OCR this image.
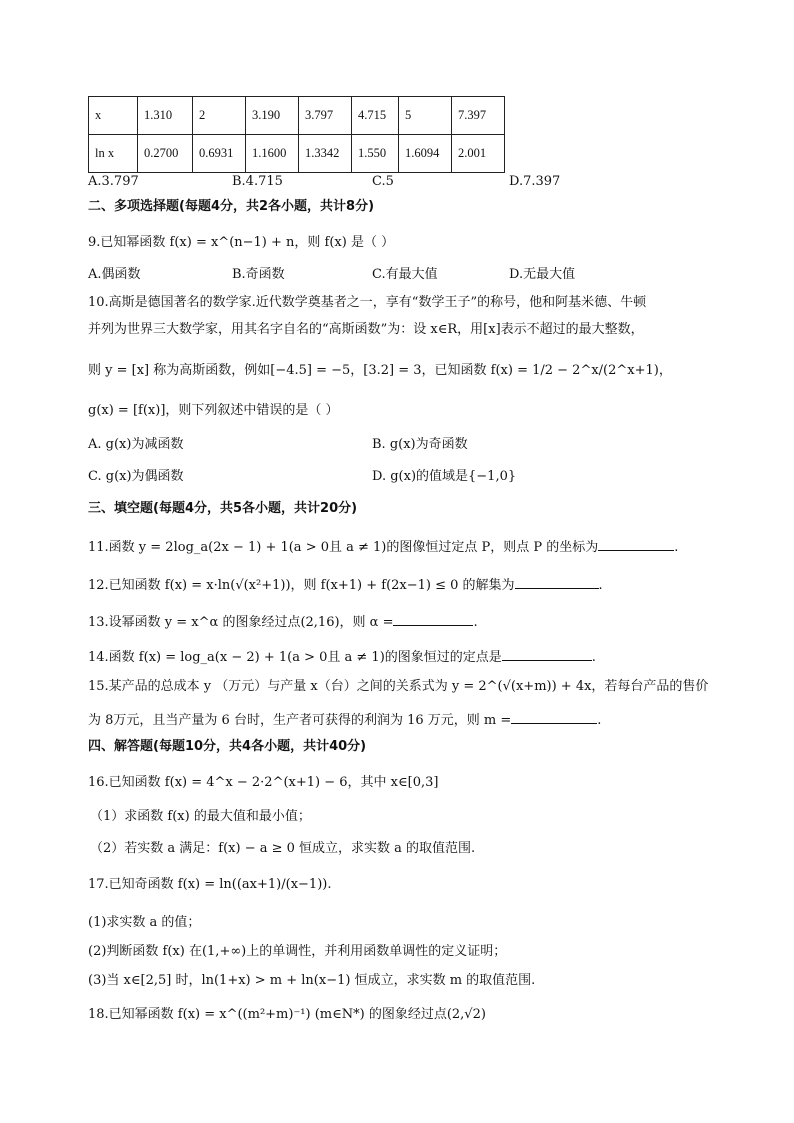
x	1.310	2	3.190	3.797	4.715	5	7.397
ln x	0.2700	0.6931	1.1600	1.3342	1.550	1.6094	2.001
A.3.797	B.4.715	C.5	D.7.397
二、多项选择题(每题4分，共2各小题，共计8分)
9.已知幂函数 f(x) = x^(n−1) + n，则 f(x) 是（ ）
A.偶函数	B.奇函数	C.有最大值	D.无最大值
10.高斯是德国著名的数学家.近代数学奠基者之一，享有“数学王子”的称号，他和阿基米德、牛顿
并列为世界三大数学家，用其名字自名的“高斯函数”为：设 x∈R，用[x]表示不超过的最大整数，
则 y = [x] 称为高斯函数，例如[−4.5] = −5，[3.2] = 3，已知函数 f(x) = 1/2 − 2^x/(2^x+1)，
g(x) = [f(x)]，则下列叙述中错误的是（ ）
A. g(x)为减函数	B. g(x)为奇函数
C. g(x)为偶函数	D. g(x)的值域是{−1,0}
三、填空题(每题4分，共5各小题，共计20分)
11.函数 y = 2log_a(2x − 1) + 1(a > 0且 a ≠ 1)的图像恒过定点 P，则点 P 的坐标为	.
12.已知函数 f(x) = x·ln(√(x²+1))，则 f(x+1) + f(2x−1) ≤ 0 的解集为	.
13.设幂函数 y = x^α 的图象经过点(2,16)，则 α =	.
14.函数 f(x) = log_a(x − 2) + 1(a > 0且 a ≠ 1)的图象恒过的定点是	.
15.某产品的总成本 y （万元）与产量 x（台）之间的关系式为 y = 2^(√(x+m)) + 4x，若每台产品的售价
为 8万元，且当产量为 6 台时，生产者可获得的利润为 16 万元，则 m =	.
四、解答题(每题10分，共4各小题，共计40分)
16.已知函数 f(x) = 4^x − 2·2^(x+1) − 6，其中 x∈[0,3]
（1）求函数 f(x) 的最大值和最小值；
（2）若实数 a 满足：f(x) − a ≥ 0 恒成立，求实数 a 的取值范围.
17.已知奇函数 f(x) = ln((ax+1)/(x−1)).
(1)求实数 a 的值；
(2)判断函数 f(x) 在(1,+∞)上的单调性，并利用函数单调性的定义证明；
(3)当 x∈[2,5] 时，ln(1+x) > m + ln(x−1) 恒成立，求实数 m 的取值范围.
18.已知幂函数 f(x) = x^((m²+m)⁻¹) (m∈N*) 的图象经过点(2,√2)
